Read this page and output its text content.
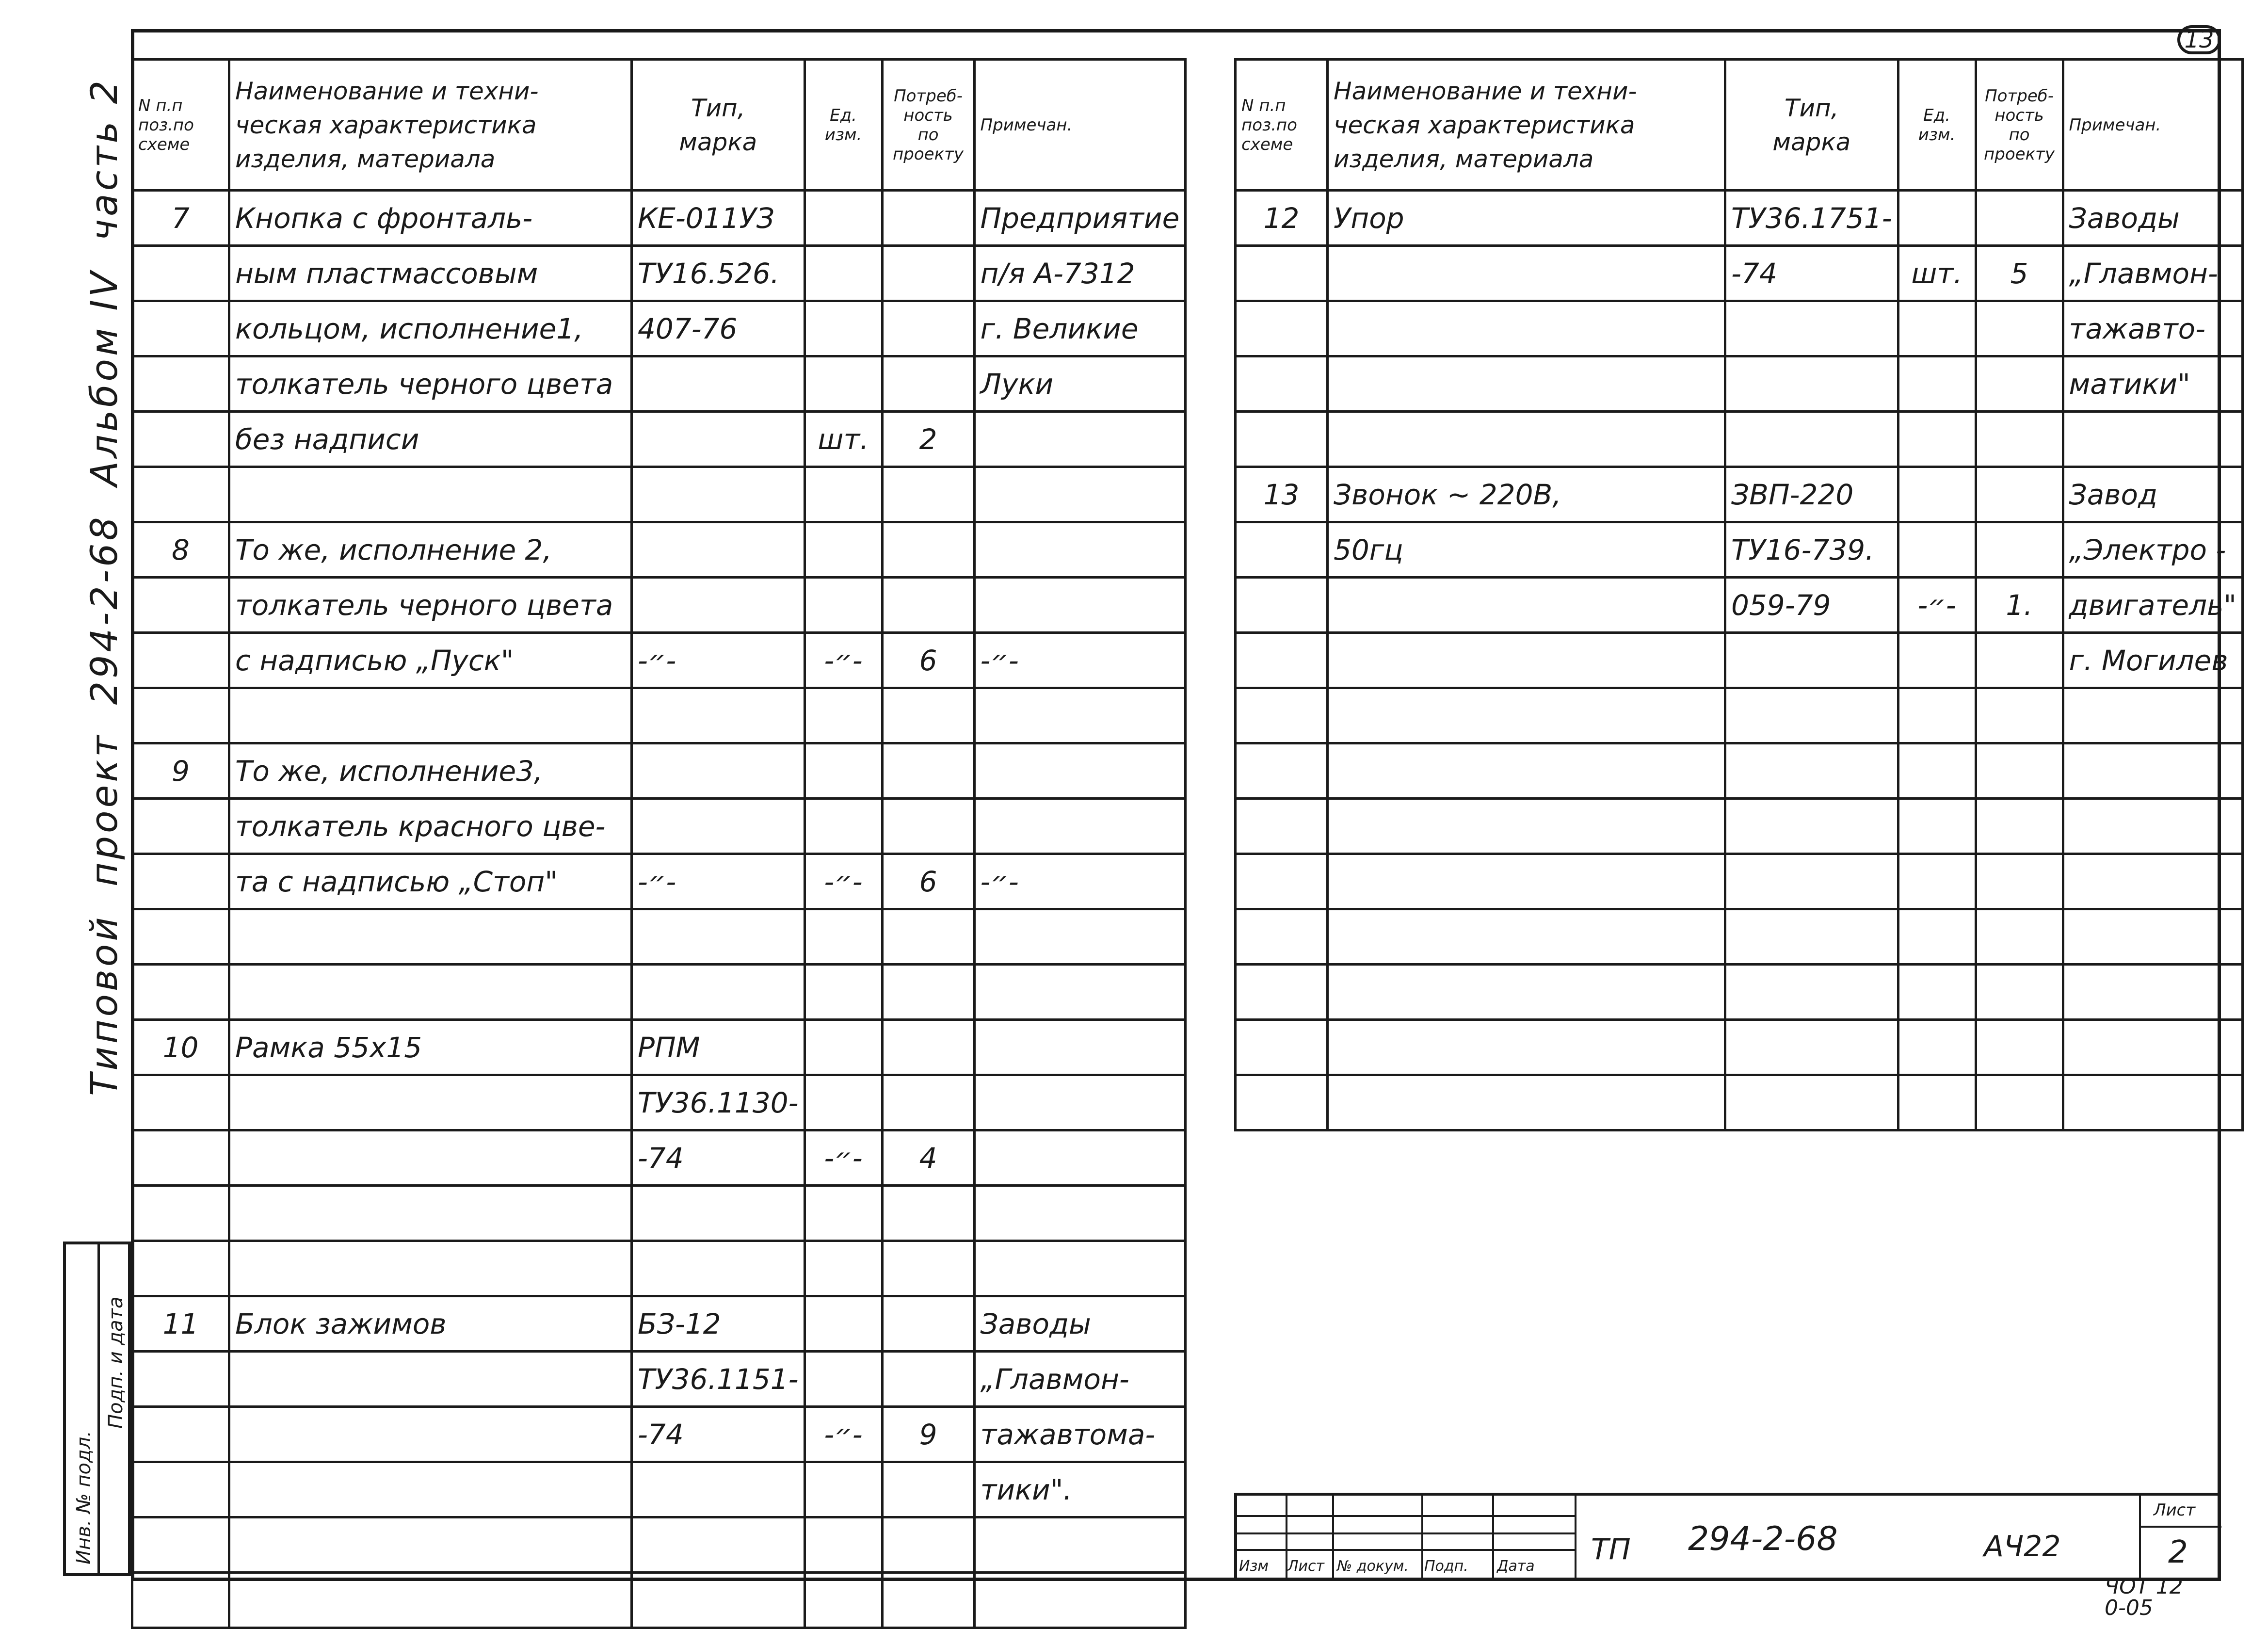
13
Типовой
проект
294-2-68
Альбом IV
часть 2
Инв. № подл.
Подп. и дата
N п.п
поз.по
схеме	Наименование и техни-
ческая характеристика
изделия, материала	Тип,
марка	Ед.
изм.	Потреб-
ность
по
проекту	Примечан.

7	Кнопка с фронталь-	КЕ-011УЗ			Предприятие
	ным пластмассовым	ТУ16.526.			п/я А-7312
	кольцом, исполнение1,	407-76			г. Великие
	толкатель черного цвета				Луки
	без надписи		шт.	2	

8	То же, исполнение 2,				
	толкатель черного цвета				
	с надписью „Пуск"	-״-	-״-	6	-״-

9	То же, исполнение3,				
	толкатель красного цве-				
	та с надписью „Стоп"	-״-	-״-	6	-״-

10	Рамка 55х15	РПМ			
		ТУ36.1130-			
		-74	-״-	4	

11	Блок зажимов	БЗ-12			Заводы
		ТУ36.1151-			„Главмон-
		-74	-״-	9	тажавтома-
					тики".

N п.п
поз.по
схеме	Наименование и техни-
ческая характеристика
изделия, материала	Тип,
марка	Ед.
изм.	Потреб-
ность
по
проекту	Примечан.

12	Упор	ТУ36.1751-			Заводы
		-74	шт.	5	„Главмон-
					тажавто-
					матики"

13	Звонок ~ 220В,	ЗВП-220			Завод
	50гц	ТУ16-739.			„Электро -
		059-79	-״-	1.	двигатель"
					г. Могилев

Изм Лист № докум. Подп. Дата ТП 294-2-68	АЧ22
Лист
2
ЧОТ 12
0-05
